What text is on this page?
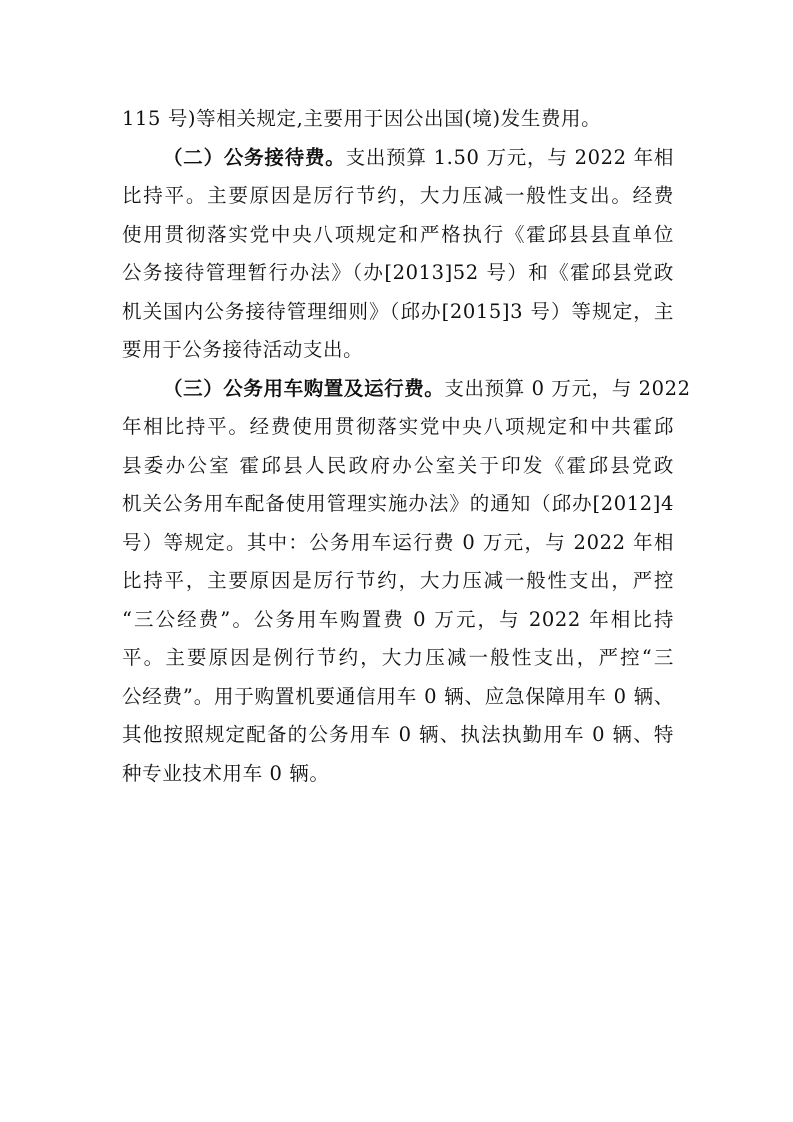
115 号)等相关规定,主要用于因公出国(境)发生费用。
（二）公务接待费。支出预算 1.50 万元，与 2022 年相
比持平。主要原因是厉行节约，大力压减一般性支出。经费
使用贯彻落实党中央八项规定和严格执行《霍邱县县直单位
公务接待管理暂行办法》（办[2013]52 号）和《霍邱县党政
机关国内公务接待管理细则》（邱办[2015]3 号）等规定，主
要用于公务接待活动支出。
（三）公务用车购置及运行费。支出预算 0 万元，与 2022
年相比持平。经费使用贯彻落实党中央八项规定和中共霍邱
县委办公室 霍邱县人民政府办公室关于印发《霍邱县党政
机关公务用车配备使用管理实施办法》的通知（邱办[2012]4
号）等规定。其中：公务用车运行费 0 万元，与 2022 年相
比持平，主要原因是厉行节约，大力压减一般性支出，严控
“三公经费”。公务用车购置费 0 万元，与 2022 年相比持
平。主要原因是例行节约，大力压减一般性支出，严控“三
公经费”。用于购置机要通信用车 0 辆、应急保障用车 0 辆、
其他按照规定配备的公务用车 0 辆、执法执勤用车 0 辆、特
种专业技术用车 0 辆。
